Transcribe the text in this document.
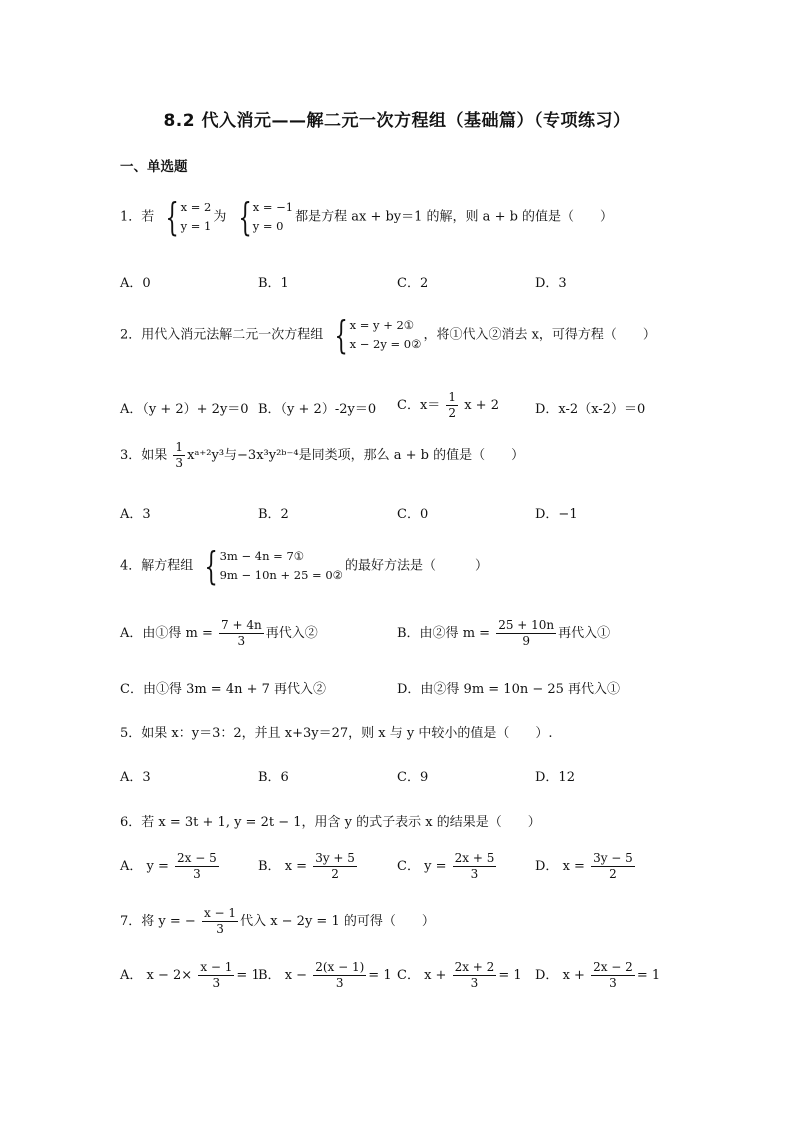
8.2 代入消元——解二元一次方程组（基础篇）（专项练习）
一、单选题
1．若 { x = 2
y = 1
为 { x = −1
y = 0
都是方程 ax + by＝1 的解，则 a + b 的值是（　　）
A．0	B．1	C．2	D．3
2．用代入消元法解二元一次方程组 { x = y + 2①
x − 2y = 0②
，将①代入②消去 x，可得方程（　　）
A．（y + 2）+ 2y＝0 B．（y + 2）-2y＝0 C．$x= \frac{1}{2}$ x + 2	D．x-2（x-2）＝0
3．如果 $\frac{1}{3}$ xᵃ⁺²y³与−3x³y²ᵇ⁻⁴是同类项，那么 a + b 的值是（　　）
A．3	B．2	C．0	D．−1
4．解方程组 { 3m − 4n = 7①
9m − 10n + 25 = 0②
的最好方法是（　　　）
A．由①得 $m = \frac{7 + 4n}{3}$ 再代入②	B．由②得 $m = \frac{25 + 10n}{9}$ 再代入①
C．由①得 3m = 4n + 7 再代入②	D．由②得 9m = 10n − 25 再代入①
5．如果 x：y＝3：2，并且 x+3y＝27，则 x 与 y 中较小的值是（　　）.
A．3	B．6	C．9	D．12
6．若 x = 3t + 1, y = 2t − 1，用含 y 的式子表示 x 的结果是（　　）
A． $y = \frac{2x - 5}{3}$	B． $x = \frac{3y + 5}{2}$	C． $y = \frac{2x + 5}{3}$	D． $x = \frac{3y - 5}{2}$
7．将 y = − $\frac{x - 1}{3}$ 代入 x − 2y = 1 的可得（　　）
A． $x - 2\times \frac{x - 1}{3} = 1$
B． $x - \frac{2(x - 1)}{3} = 1$ C． $x + \frac{2x + 2}{3} = 1$ D． $x + \frac{2x - 2}{3} = 1$
